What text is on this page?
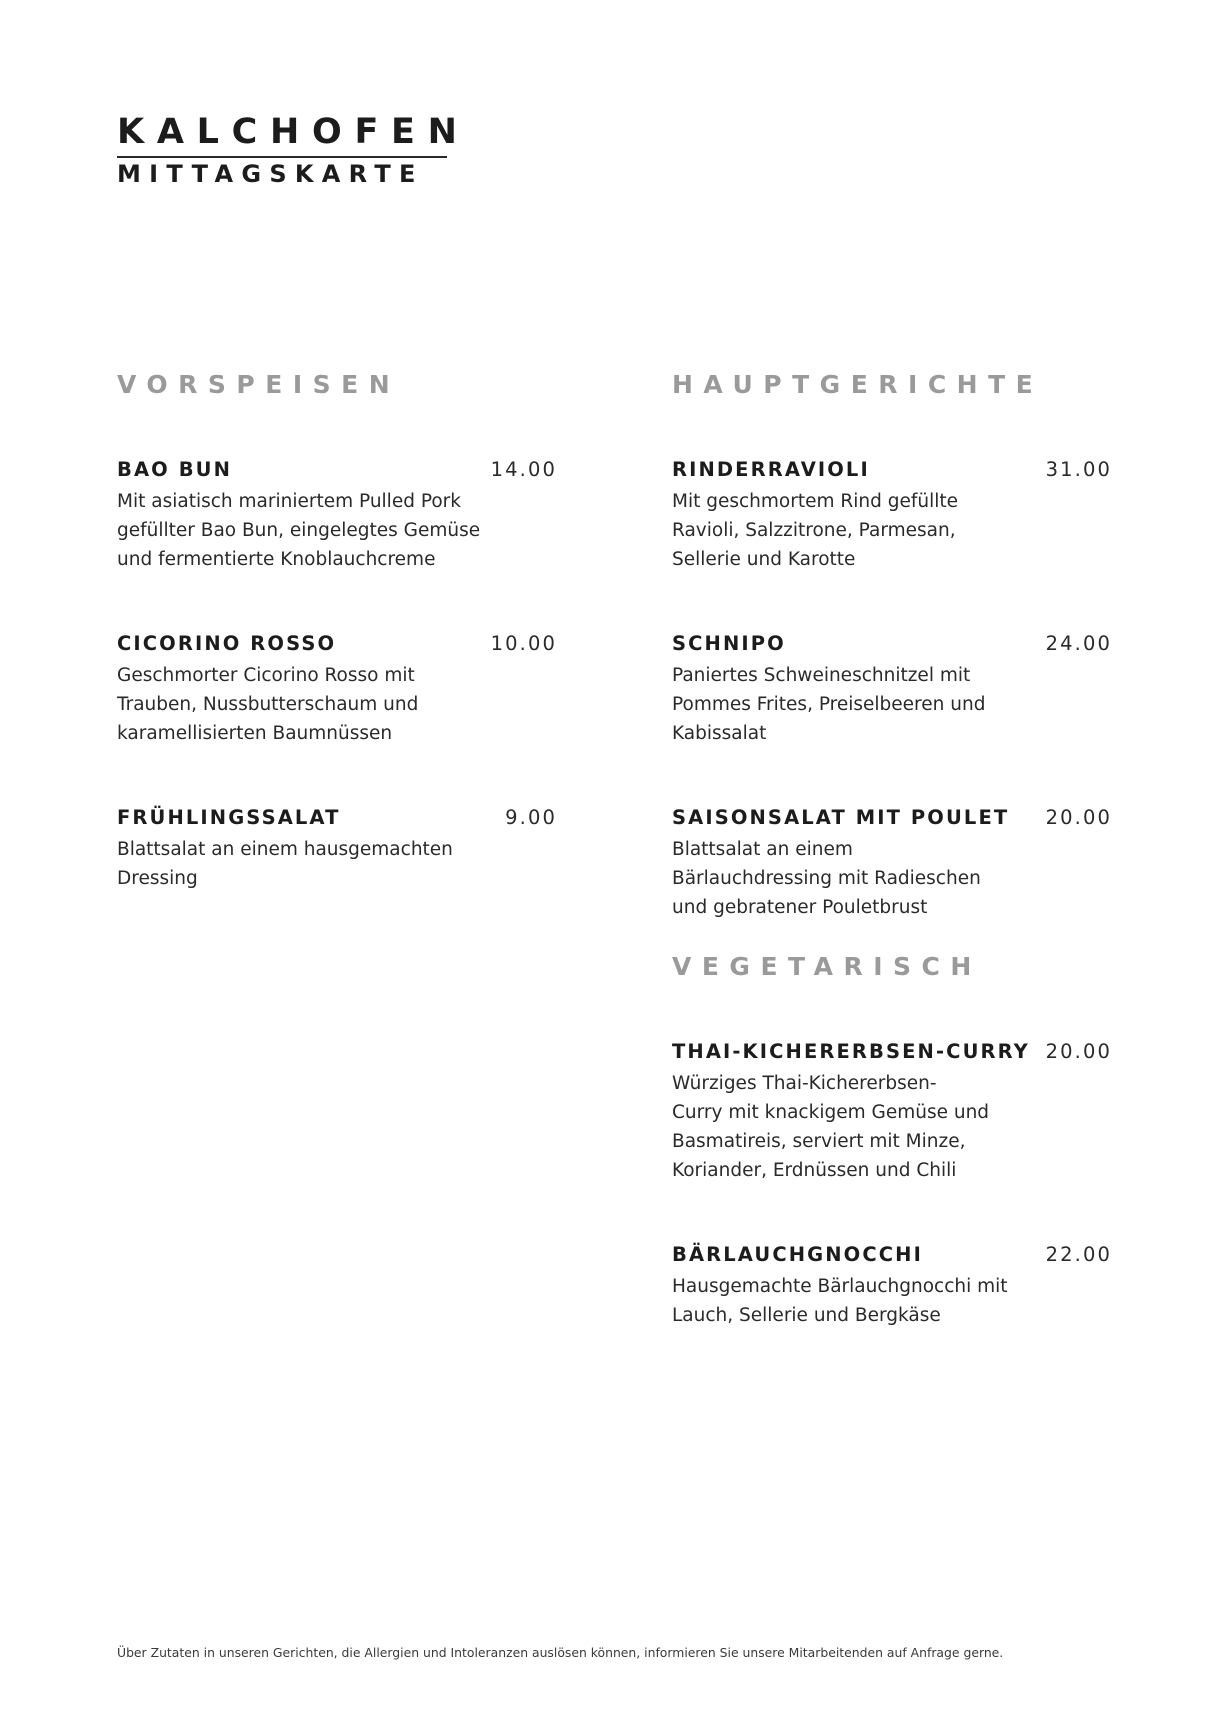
KALCHOFEN
MITTAGSKARTE
VORSPEISEN
BAO BUN	14.00
Mit asiatisch mariniertem Pulled Pork
gefüllter Bao Bun, eingelegtes Gemüse
und fermentierte Knoblauchcreme
CICORINO ROSSO	10.00
Geschmorter Cicorino Rosso mit
Trauben, Nussbutterschaum und
karamellisierten Baumnüssen
FRÜHLINGSSALAT	9.00
Blattsalat an einem hausgemachten
Dressing
HAUPTGERICHTE
RINDERRAVIOLI	31.00
Mit geschmortem Rind gefüllte
Ravioli, Salzzitrone, Parmesan,
Sellerie und Karotte
SCHNIPO	24.00
Paniertes Schweineschnitzel mit
Pommes Frites, Preiselbeeren und
Kabissalat
SAISONSALAT MIT POULET 20.00
Blattsalat an einem
Bärlauchdressing mit Radieschen
und gebratener Pouletbrust
VEGETARISCH
THAI-KICHERERBSEN-CURRY 20.00
Würziges Thai-Kichererbsen-
Curry mit knackigem Gemüse und
Basmatireis, serviert mit Minze,
Koriander, Erdnüssen und Chili
BÄRLAUCHGNOCCHI	22.00
Hausgemachte Bärlauchgnocchi mit
Lauch, Sellerie und Bergkäse
Über Zutaten in unseren Gerichten, die Allergien und Intoleranzen auslösen können, informieren Sie unsere Mitarbeitenden auf Anfrage gerne.
